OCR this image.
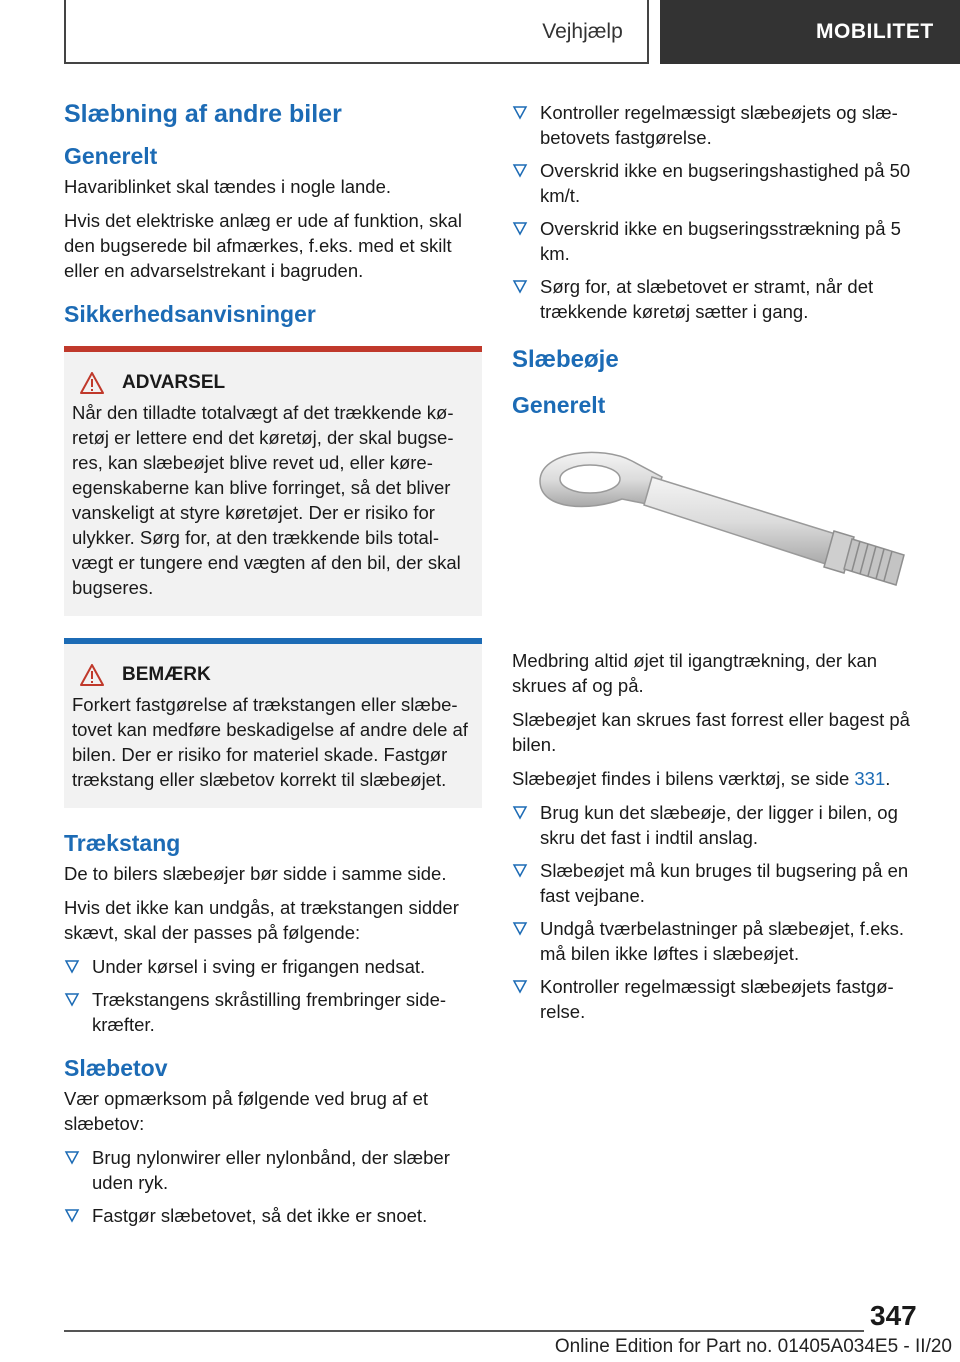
Vejhjælp	MOBILITET
Slæbning af andre biler
Generelt

Havariblinket skal tændes i nogle lande.

Hvis det elektriske anlæg er ude af funktion, skal den bugserede bil afmærkes, f.eks. med et skilt eller en advarselstrekant i bagruden.

Sikkerhedsanvisninger
ADVARSEL

Når den tilladte totalvægt af det trækkende køretøj er lettere end det køretøj, der skal bugseres, kan slæbeøjet blive revet ud, eller køreegenskaberne kan blive forringet, så det bliver vanskeligt at styre køretøjet. Der er risiko for ulykker. Sørg for, at den trækkende bils totalvægt er tungere end vægten af den bil, der skal bugseres.

BEMÆRK

Forkert fastgørelse af trækstangen eller slæbetovet kan medføre beskadigelse af andre dele af bilen. Der er risiko for materiel skade. Fastgør trækstang eller slæbetov korrekt til slæbeøjet.

Trækstang

De to bilers slæbeøjer bør sidde i samme side.

Hvis det ikke kan undgås, at trækstangen sidder skævt, skal der passes på følgende:

Under kørsel i sving er frigangen nedsat.
Trækstangens skråstilling frembringer sidekræfter.
Slæbetov

Vær opmærksom på følgende ved brug af et slæbetov:

Brug nylonwirer eller nylonbånd, der slæber uden ryk.
Fastgør slæbetovet, så det ikke er snoet.
Kontroller regelmæssigt slæbeøjets og slæbetovets fastgørelse.
Overskrid ikke en bugseringshastighed på 50 km/t.
Overskrid ikke en bugseringsstrækning på 5 km.
Sørg for, at slæbetovet er stramt, når det trækkende køretøj sætter i gang.
Slæbeøje
Generelt

Medbring altid øjet til igangtrækning, der kan skrues af og på.

Slæbeøjet kan skrues fast forrest eller bagest på bilen.

Slæbeøjet findes i bilens værktøj, se side 331.

Brug kun det slæbeøje, der ligger i bilen, og skru det fast i indtil anslag.
Slæbeøjet må kun bruges til bugsering på en fast vejbane.
Undgå tværbelastninger på slæbeøjet, f.eks. må bilen ikke løftes i slæbeøjet.
Kontroller regelmæssigt slæbeøjets fastgørelse.
347
Online Edition for Part no. 01405A034E5 - II/20
